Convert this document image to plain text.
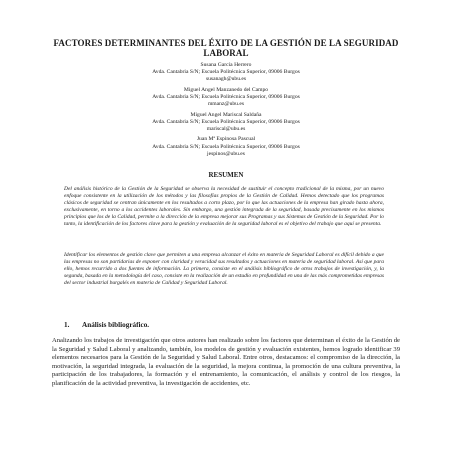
FACTORES DETERMINANTES DEL ÉXITO DE LA GESTIÓN DE LA SEGURIDAD LABORAL
Susana García Herrero
Avda. Cantabria S/N; Escuela Politécnica Superior, 09006 Burgos
susanagh@ubu.es
Miguel Angel Manzanedo del Campo
Avda. Cantabria S/N; Escuela Politécnica Superior, 09006 Burgos
mmanz@ubu.es
Miguel Angel Mariscal Saldaña
Avda. Cantabria S/N; Escuela Politécnica Superior, 09006 Burgos
mariscal@ubu.es
Juan Mª Espinosa Pascual
Avda. Cantabria S/N; Escuela Politécnica Superior, 09006 Burgos
jespinos@ubu.es
RESUMEN
Del análisis histórico de la Gestión de la Seguridad se observa la necesidad de sustituir el concepto tradicional de la misma, por un nuevo enfoque consistente en la utilización de los métodos y las filosofías propios de la Gestión de Calidad. Hemos detectado que los programas clásicos de seguridad se centran únicamente en los resultados a corto plazo, por lo que las actuaciones de la empresa han girado hasta ahora, exclusivamente, en torno a los accidentes laborales. Sin embargo, una gestión integrada de la seguridad, basada precisamente en los mismos principios que los de la Calidad, permite a la dirección de la empresa mejorar sus Programas y sus Sistemas de Gestión de la Seguridad. Por lo tanto, la identificación de los factores clave para la gestión y evaluación de la seguridad laboral es el objetivo del trabajo que aquí se presenta.
Identificar los elementos de gestión clave que permiten a una empresa alcanzar el éxito en materia de Seguridad Laboral es difícil debido a que las empresas no son partidarias de exponer con claridad y veracidad sus resultados y actuaciones en materia de seguridad laboral. Así que para ello, hemos recurrido a dos fuentes de información. La primera, consiste en el análisis bibliográfico de otros trabajos de investigación, y, la segunda, basada en la metodología del caso, consiste en la realización de un estudio en profundidad en una de las más comprometidas empresas del sector industrial burgalés en materia de Calidad y Seguridad Laboral.
1. Análisis bibliográfico.
Analizando los trabajos de investigación que otros autores han realizado sobre los factores que determinan el éxito de la Gestión de la Seguridad y Salud Laboral y analizando, también, los modelos de gestión y evaluación existentes, hemos logrado identificar 39 elementos necesarios para la Gestión de la Seguridad y Salud Laboral. Entre otros, destacamos: el compromiso de la dirección, la motivación, la seguridad integrada, la evaluación de la seguridad, la mejora continua, la promoción de una cultura preventiva, la participación de los trabajadores, la formación y el entrenamiento, la comunicación, el análisis y control de los riesgos, la planificación de la actividad preventiva, la investigación de accidentes, etc.
